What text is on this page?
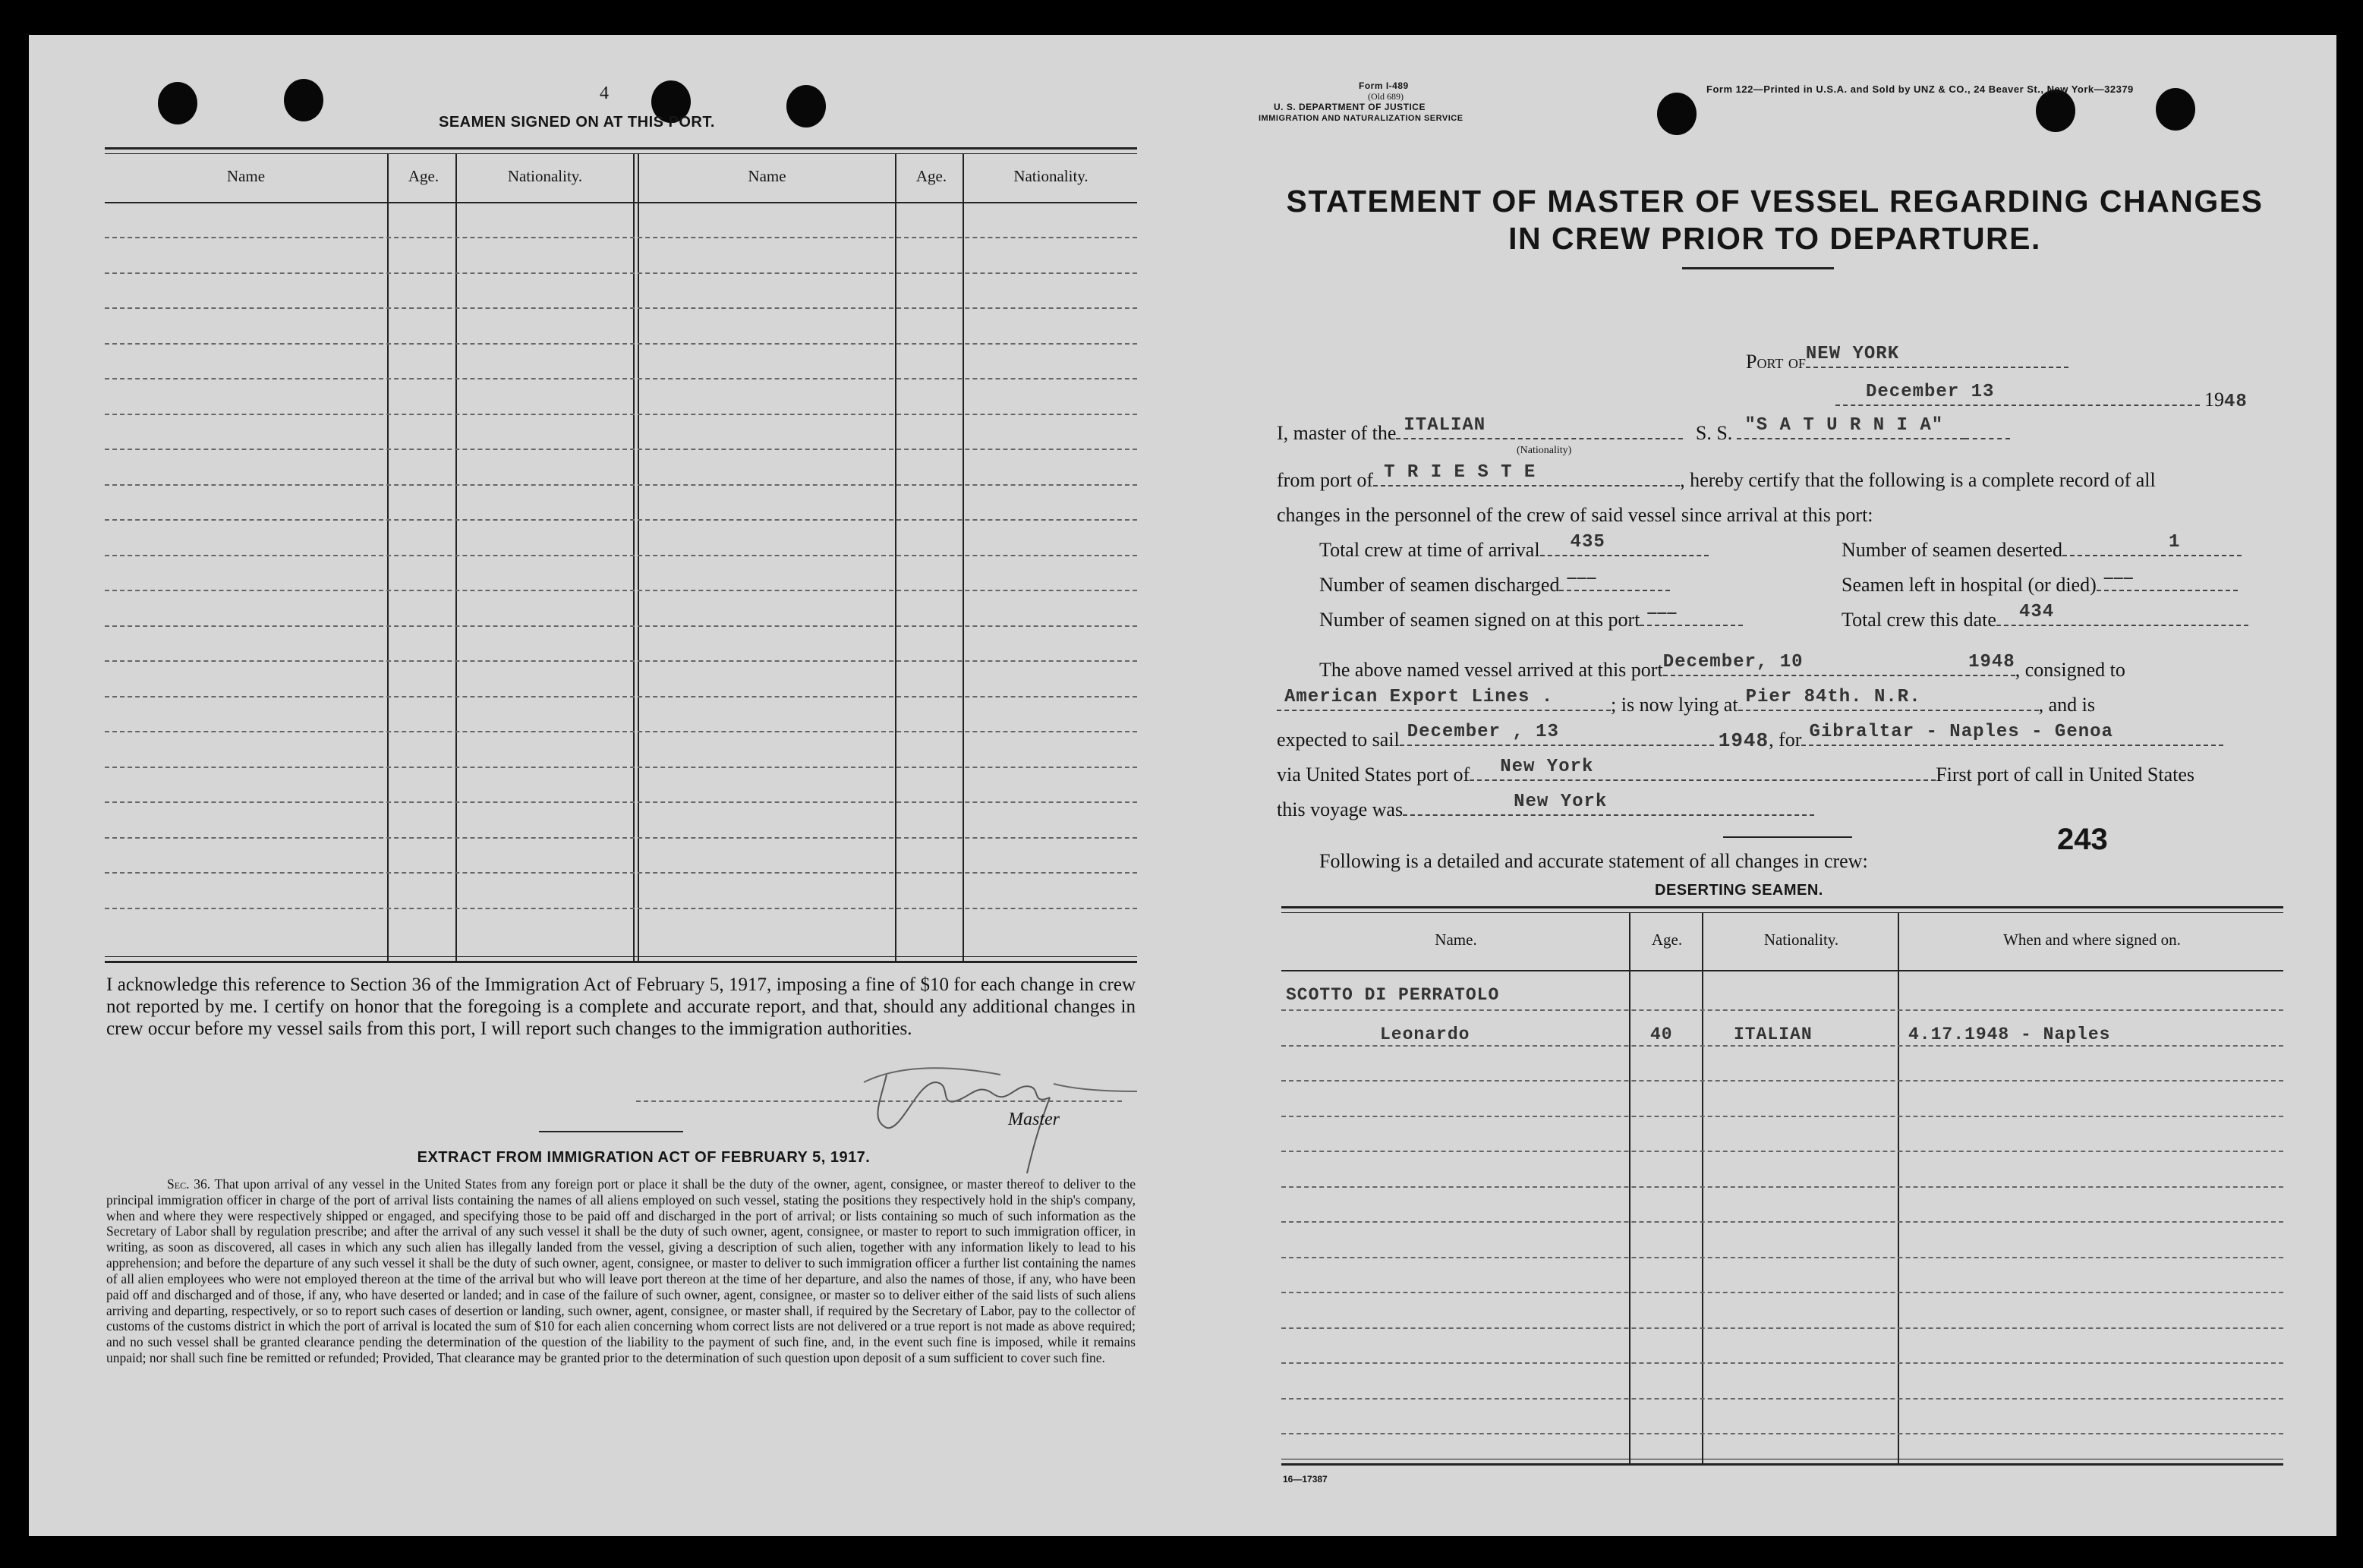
4
SEAMEN SIGNED ON AT THIS PORT.
Name	Age.	Nationality.	Name	Age.	Nationality.
I acknowledge this reference to Section 36 of the Immigration Act of February 5, 1917, imposing a fine of $10 for each change in crew not reported by me. I certify on honor that the foregoing is a complete and accurate report, and that, should any additional changes in crew occur before my vessel sails from this port, I will report such changes to the immigration authorities.
Master
EXTRACT FROM IMMIGRATION ACT OF FEBRUARY 5, 1917.
Sec. 36. That upon arrival of any vessel in the United States from any foreign port or place it shall be the duty of the owner, agent, consignee, or master thereof to deliver to the principal immigration officer in charge of the port of arrival lists containing the names of all aliens employed on such vessel, stating the positions they respectively hold in the ship's company, when and where they were respectively shipped or engaged, and specifying those to be paid off and discharged in the port of arrival; or lists containing so much of such information as the Secretary of Labor shall by regulation prescribe; and after the arrival of any such vessel it shall be the duty of such owner, agent, consignee, or master to report to such immigration officer, in writing, as soon as discovered, all cases in which any such alien has illegally landed from the vessel, giving a description of such alien, together with any information likely to lead to his apprehension; and before the departure of any such vessel it shall be the duty of such owner, agent, consignee, or master to deliver to such immigration officer a further list containing the names of all alien employees who were not employed thereon at the time of the arrival but who will leave port thereon at the time of her departure, and also the names of those, if any, who have been paid off and discharged and of those, if any, who have deserted or landed; and in case of the failure of such owner, agent, consignee, or master so to deliver either of the said lists of such aliens arriving and departing, respectively, or so to report such cases of desertion or landing, such owner, agent, consignee, or master shall, if required by the Secretary of Labor, pay to the collector of customs of the customs district in which the port of arrival is located the sum of $10 for each alien concerning whom correct lists are not delivered or a true report is not made as above required; and no such vessel shall be granted clearance pending the determination of the question of the liability to the payment of such fine, and, in the event such fine is imposed, while it remains unpaid; nor shall such fine be remitted or refunded; Provided, That clearance may be granted prior to the determination of such question upon deposit of a sum sufficient to cover such fine.
Form I-489
(Old 689)
U. S. DEPARTMENT OF JUSTICE
IMMIGRATION AND NATURALIZATION SERVICE
Form 122—Printed in U.S.A. and Sold by UNZ & CO., 24 Beaver St., New York—32379
STATEMENT OF MASTER OF VESSEL REGARDING CHANGES
IN CREW PRIOR TO DEPARTURE.
Port of NEW YORK
December 13	1948
I, master of the ITALIAN	S. S. "S A T U R N I A"
(Nationality)
from port of T R I E S T E	, hereby certify that the following is a complete record of all
changes in the personnel of the crew of said vessel since arrival at this port:
Total crew at time of arrival 435	Number of seamen deserted	1
Number of seamen discharged ———	Seamen left in hospital (or died) ———
Number of seamen signed on at this port ———	Total crew this date 434
The above named vessel arrived at this port December, 10	1948 , consigned to
American Export Lines .	; is now lying at Pier 84th. N.R.	, and is
expected to sail December , 13	1948, for Gibraltar - Naples - Genoa
via United States port of New York	First port of call in United States
this voyage was	New York
243
Following is a detailed and accurate statement of all changes in crew:
DESERTING SEAMEN.
Name.	Age.	Nationality.	When and where signed on.
SCOTTO DI PERRATOLO
Leonardo	40	ITALIAN	4.17.1948 - Naples
16—17387
